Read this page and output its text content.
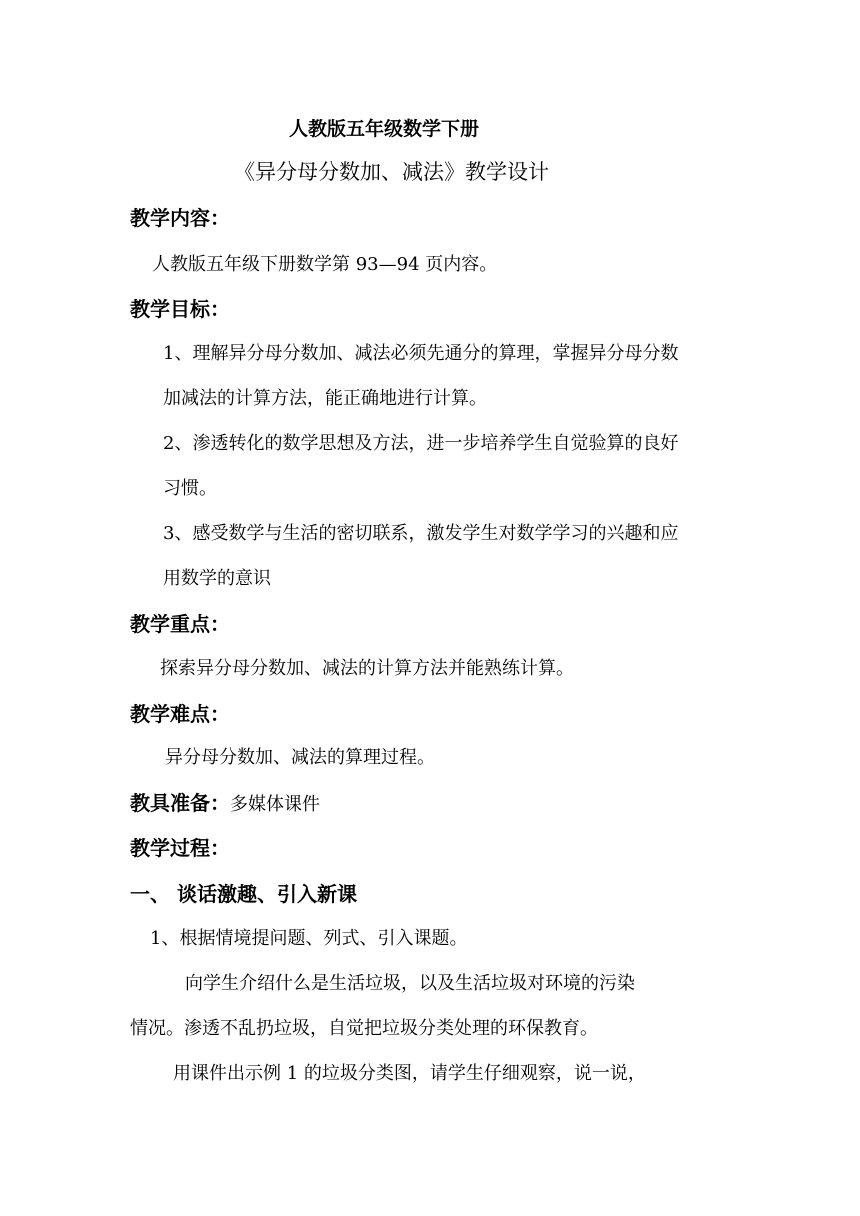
人教版五年级数学下册
《异分母分数加、减法》教学设计
教学内容：
人教版五年级下册数学第 93—94 页内容。
教学目标：
1、理解异分母分数加、减法必须先通分的算理，掌握异分母分数
加减法的计算方法，能正确地进行计算。
2、渗透转化的数学思想及方法，进一步培养学生自觉验算的良好
习惯。
3、感受数学与生活的密切联系，激发学生对数学学习的兴趣和应
用数学的意识
教学重点：
探索异分母分数加、减法的计算方法并能熟练计算。
教学难点：
异分母分数加、减法的算理过程。
教具准备：多媒体课件
教学过程：
一、 谈话激趣、引入新课
1、根据情境提问题、列式、引入课题。
向学生介绍什么是生活垃圾，以及生活垃圾对环境的污染
情况。渗透不乱扔垃圾，自觉把垃圾分类处理的环保教育。
用课件出示例 1 的垃圾分类图，请学生仔细观察，说一说，
